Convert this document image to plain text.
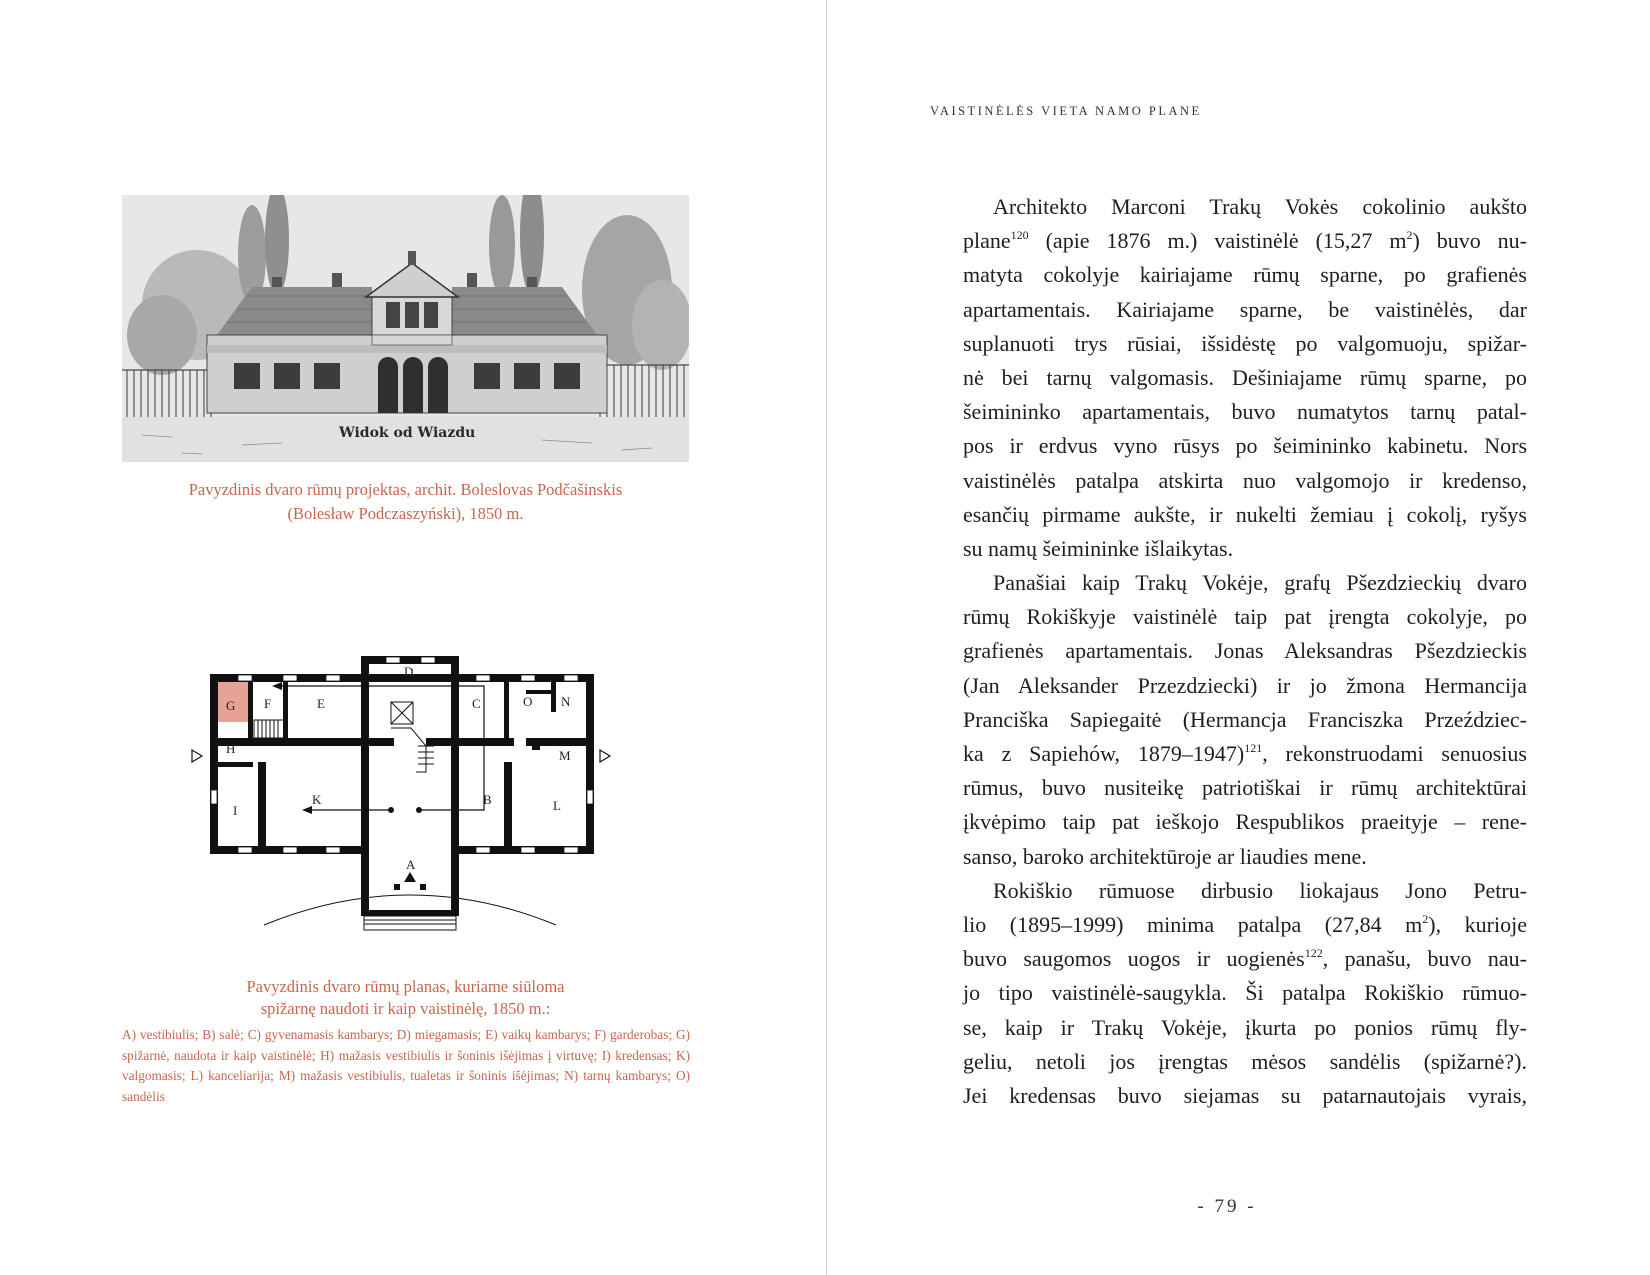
Widok od Wiazdu
Pavyzdinis dvaro rūmų projektas, archit. Boleslovas Podčašinskis
(Bolesław Podczaszyński), 1850 m.
A
B
C
D
E
F
G
H
I
K	L
M
N
O
Pavyzdinis dvaro rūmų planas, kuriame siūloma
spižarnę naudoti ir kaip vaistinėlę, 1850 m.:
A) vestibiulis; B) salė; C) gyvenamasis kambarys; D) miegamasis; E) vaikų kambarys; F) garderobas; G) spižarnė, naudota ir kaip vaistinėlė; H) mažasis vestibiulis ir šoninis išėjimas į virtuvę; I) kredensas; K) valgomasis; L) kanceliarija; M) mažasis vestibiulis, tualetas ir šoninis išėjimas; N) tarnų kambarys; O) sandėlis
VAISTINĖLĖS VIETA NAMO PLANE
Architekto Marconi Trakų Vokės cokolinio aukšto
plane$^{120}$ (apie 1876 m.) vaistinėlė (15,27 $m^2$) buvo nu-
matyta cokolyje kairiajame rūmų sparne, po grafienės
apartamentais. Kairiajame sparne, be vaistinėlės, dar
suplanuoti trys rūsiai, išsidėstę po valgomuoju, spižar-
nė bei tarnų valgomasis. Dešiniajame rūmų sparne, po
šeimininko apartamentais, buvo numatytos tarnų patal-
pos ir erdvus vyno rūsys po šeimininko kabinetu. Nors
vaistinėlės patalpa atskirta nuo valgomojo ir kredenso,
esančių pirmame aukšte, ir nukelti žemiau į cokolį, ryšys
su namų šeimininke išlaikytas.
Panašiai kaip Trakų Vokėje, grafų Pšezdzieckių dvaro
rūmų Rokiškyje vaistinėlė taip pat įrengta cokolyje, po
grafienės apartamentais. Jonas Aleksandras Pšezdzieckis
(Jan Aleksander Przezdziecki) ir jo žmona Hermancija
Pranciška Sapiegaitė (Hermancja Franciszka Przeździec-
ka z Sapiehów, 1879–1947)$^{121}$, rekonstruodami senuosius
rūmus, buvo nusiteikę patriotiškai ir rūmų architektūrai
įkvėpimo taip pat ieškojo Respublikos praeityje – rene-
sanso, baroko architektūroje ar liaudies mene.
Rokiškio rūmuose dirbusio liokajaus Jono Petru-
lio (1895–1999) minima patalpa (27,84 $m^2$), kurioje
buvo saugomos uogos ir uogienės$^{122}$, panašu, buvo nau-
jo tipo vaistinėlė-saugykla. Ši patalpa Rokiškio rūmuo-
se, kaip ir Trakų Vokėje, įkurta po ponios rūmų fly-
geliu, netoli jos įrengtas mėsos sandėlis (spižarnė?).
Jei kredensas buvo siejamas su patarnautojais vyrais,
- 79 -
